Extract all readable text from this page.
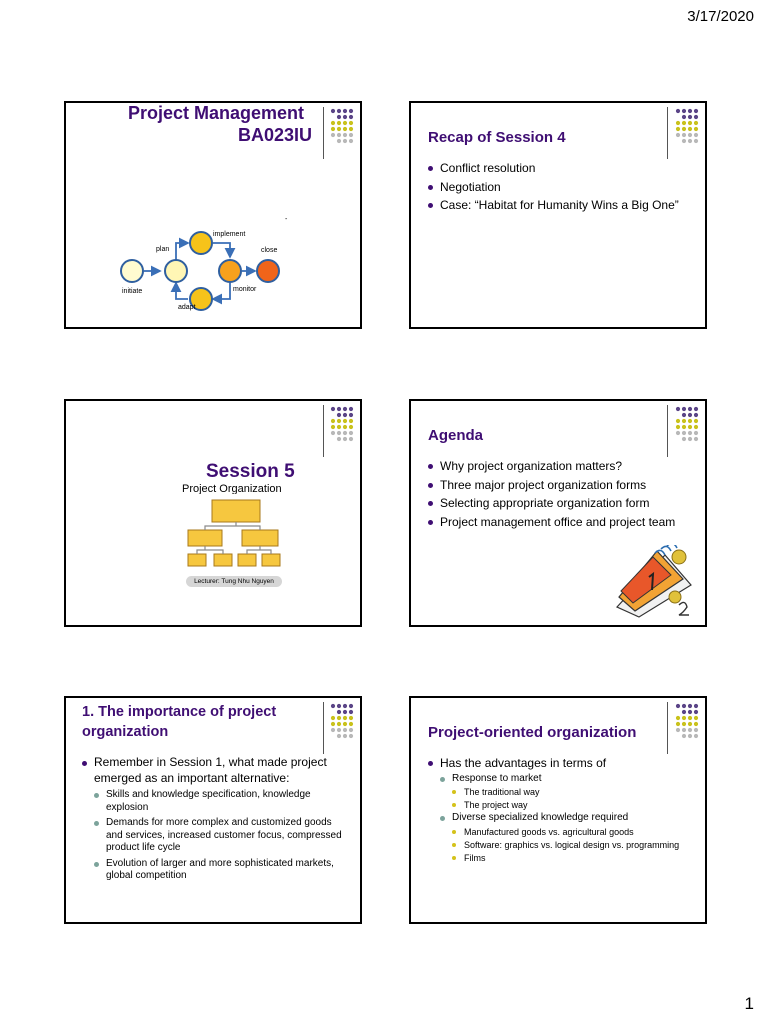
3/17/2020
Project Management
BA023IU
-
implement
plan	close
initiate	monitor
adapt
Recap of Session 4
Conflict resolution
Negotiation
Case: “Habitat for Humanity Wins a Big One”
Session 5
Project Organization
Lecturer: Tung Nhu Nguyen
Agenda
Why project organization matters?
Three major project organization forms
Selecting appropriate organization form
Project management office and project team
1. The importance of project
organization
Remember in Session 1, what made project
emerged as an important alternative:
Skills and knowledge specification, knowledge explosion
Demands for more complex and customized goods and services, increased customer focus, compressed product life cycle
Evolution of larger and more sophisticated markets, global competition
Project-oriented organization
Has the advantages in terms of
Response to market
The traditional way
The project way
Diverse specialized knowledge required
Manufactured goods vs. agricultural goods
Software: graphics vs. logical design vs. programming
Films
1
